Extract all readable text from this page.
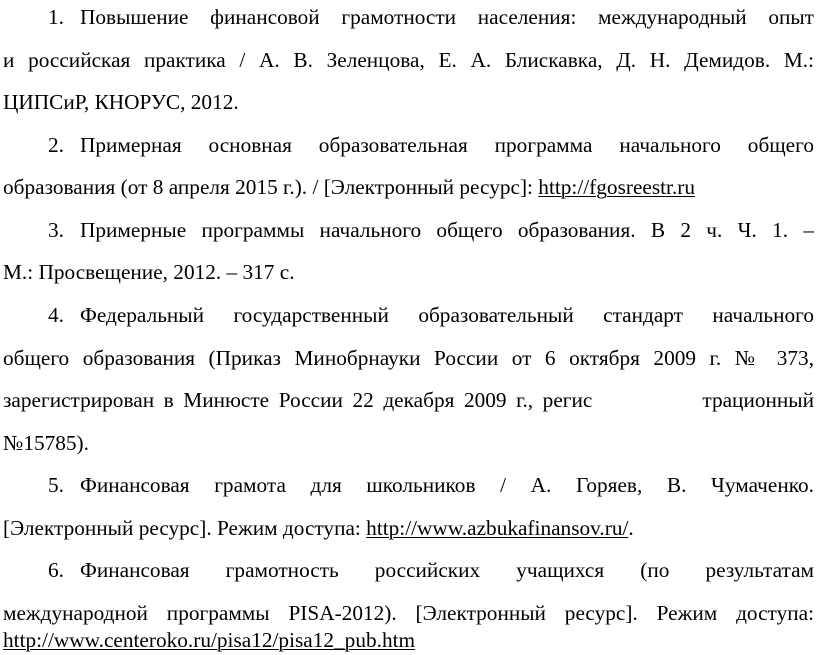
1. Повышение финансовой грамотности населения: международный опыт
и российская практика / А. В. Зеленцова, Е. А. Блискавка, Д. Н. Демидов. М.:
ЦИПСиР, КНОРУС, 2012.
2. Примерная основная образовательная программа начального общего
образования (от 8 апреля 2015 г.). / [Электронный ресурс]: http://fgosreestr.ru
3. Примерные программы начального общего образования. В 2 ч. Ч. 1. –
М.: Просвещение, 2012. – 317 с.
4. Федеральный государственный образовательный стандарт начального
общего образования (Приказ Минобрнауки России от 6 октября 2009 г. № 373,
зарегистрирован в Минюсте России 22 декабря 2009 г., регис	трационный
№15785).
5. Финансовая грамота для школьников / А. Горяев, В. Чумаченко.
[Электронный ресурс]. Режим доступа: http://www.azbukafinansov.ru/.
6. Финансовая грамотность российских учащихся (по результатам
международной программы PISA-2012). [Электронный ресурс]. Режим доступа:
http://www.centeroko.ru/pisa12/pisa12_pub.htm
